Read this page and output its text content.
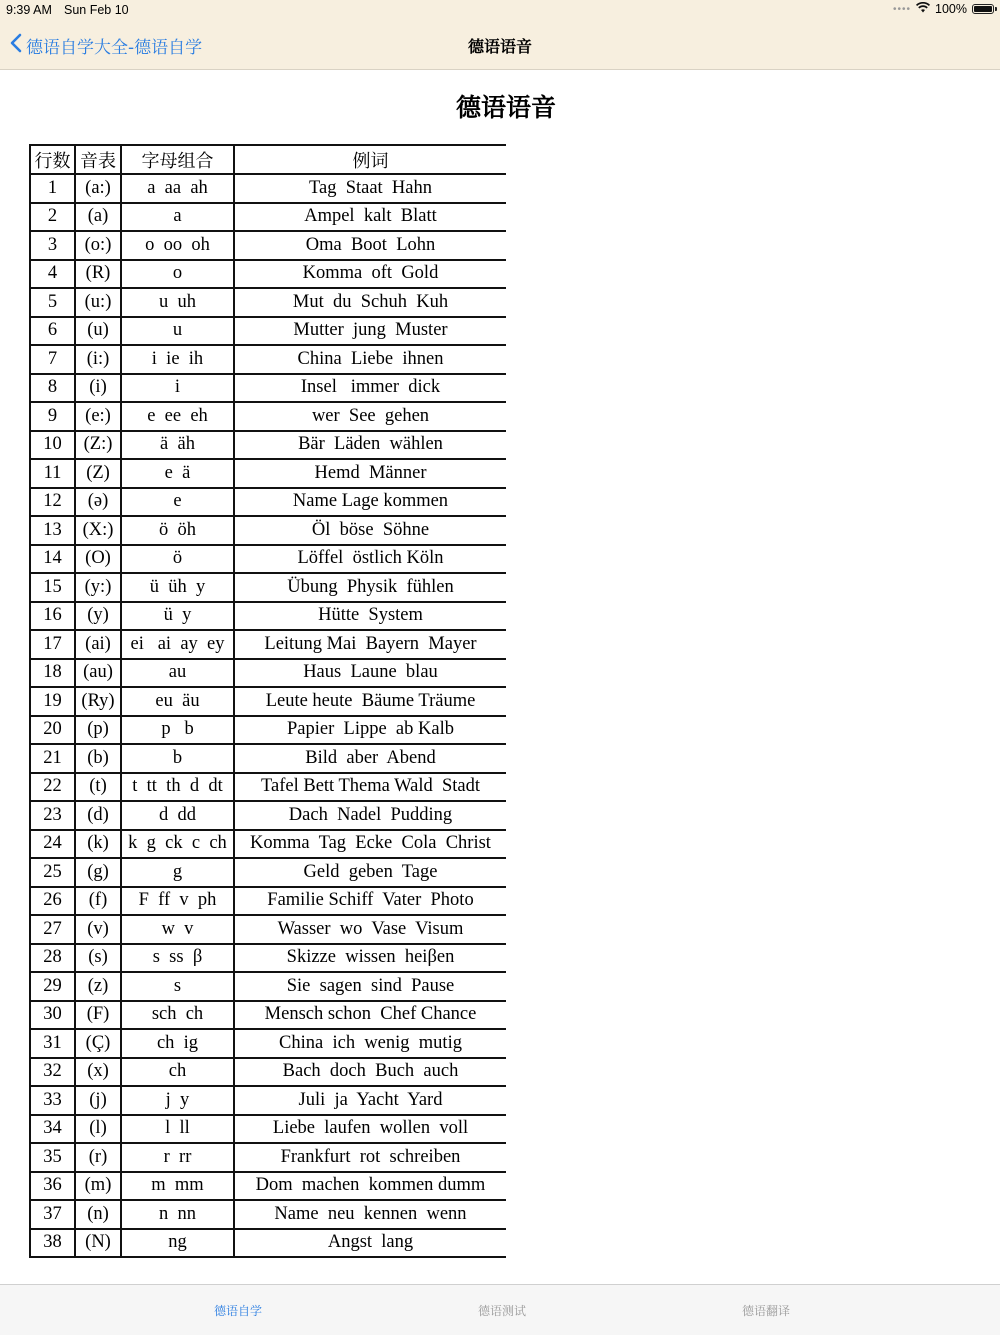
9:39 AM Sun Feb 10	•••• 100%
德语自学大全-德语自学	德语语音
德语语音
行数	音表	字母组合	例词
1	(a:)	a  aa  ah	Tag  Staat  Hahn
2	(a)	a	Ampel  kalt  Blatt
3	(o:)	o  oo  oh	Oma  Boot  Lohn
4	(R)	o	Komma  oft  Gold
5	(u:)	u  uh	Mut  du  Schuh  Kuh
6	(u)	u	Mutter  jung  Muster
7	(i:)	i  ie  ih	China  Liebe  ihnen
8	(i)	i	Insel   immer  dick
9	(e:)	e  ee  eh	wer  See  gehen
10	(Z:)	ä  äh	Bär  Läden  wählen
11	(Z)	e  ä	Hemd  Männer
12	(ə)	e	Name Lage kommen
13	(X:)	ö  öh	Öl  böse  Söhne
14	(O)	ö	Löffel  östlich Köln
15	(y:)	ü  üh  y	Übung  Physik  fühlen
16	(y)	ü  y	Hütte  System
17	(ai)	ei   ai  ay  ey	Leitung Mai  Bayern  Mayer
18	(au)	au	Haus  Laune  blau
19	(Ry)	eu  äu	Leute heute  Bäume Träume
20	(p)	p   b	Papier  Lippe  ab Kalb
21	(b)	b	Bild  aber  Abend
22	(t)	t  tt  th  d  dt	Tafel Bett Thema Wald  Stadt
23	(d)	d  dd	Dach  Nadel  Pudding
24	(k)	k  g  ck  c  ch	Komma  Tag  Ecke  Cola  Christ
25	(g)	g	Geld  geben  Tage
26	(f)	F  ff  v  ph	Familie Schiff  Vater  Photo
27	(v)	w  v	Wasser  wo  Vase  Visum
28	(s)	s  ss  β	Skizze  wissen  heiβen
29	(z)	s	Sie  sagen  sind  Pause
30	(F)	sch  ch	Mensch schon  Chef Chance
31	(Ç)	ch  ig	China  ich  wenig  mutig
32	(x)	ch	Bach  doch  Buch  auch
33	(j)	j  y	Juli  ja  Yacht  Yard
34	(l)	l  ll	Liebe  laufen  wollen  voll
35	(r)	r  rr	Frankfurt  rot  schreiben
36	(m)	m  mm	Dom  machen  kommen dumm
37	(n)	n  nn	Name  neu  kennen  wenn
38	(N)	ng	Angst  lang
德语自学	德语测试	德语翻译
